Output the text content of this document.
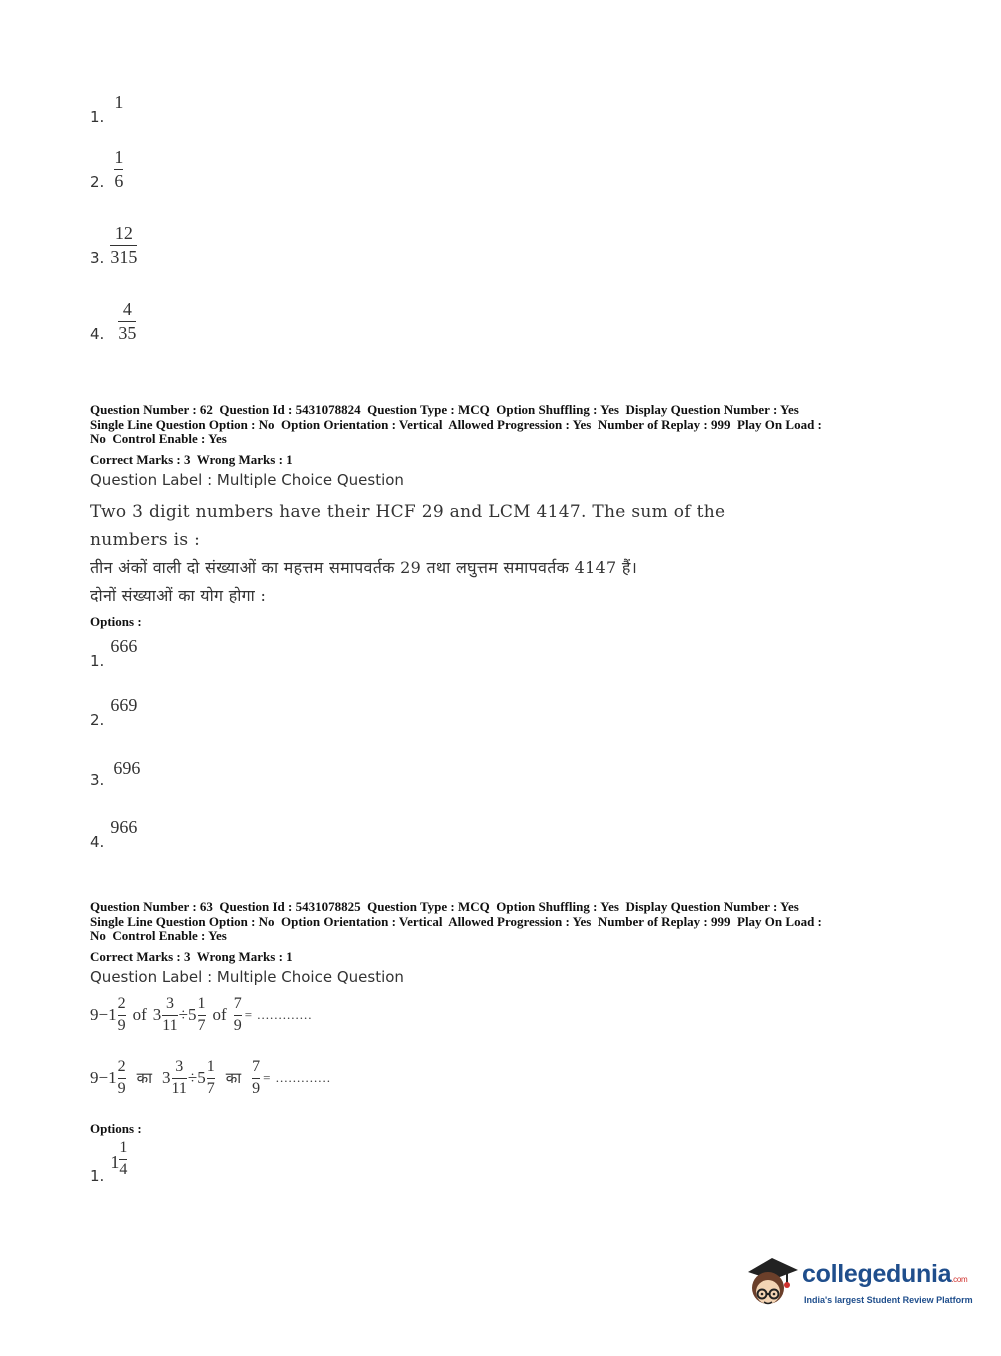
1.
1
2. $\frac{1}{6}$
3. $\frac{12}{315}$
4. $\frac{4}{35}$
Question Number : 62  Question Id : 5431078824  Question Type : MCQ  Option Shuffling : Yes  Display Question Number : Yes
Single Line Question Option : No  Option Orientation : Vertical  Allowed Progression : Yes  Number of Replay : 999  Play On Load :
No  Control Enable : Yes
Correct Marks : 3  Wrong Marks : 1
Question Label : Multiple Choice Question
Two 3 digit numbers have their HCF 29 and LCM 4147. The sum of the
numbers is :
तीन अंकों वाली दो संख्याओं का महत्तम समापवर्तक 29 तथा लघुत्तम समापवर्तक 4147 हैं।
दोनों संख्याओं का योग होगा :
Options :
1.
666
2.
669
3.
696
4.
966
Question Number : 63  Question Id : 5431078825  Question Type : MCQ  Option Shuffling : Yes  Display Question Number : Yes
Single Line Question Option : No  Option Orientation : Vertical  Allowed Progression : Yes  Number of Replay : 999  Play On Load :
No  Control Enable : Yes
Correct Marks : 3  Wrong Marks : 1
Question Label : Multiple Choice Question
$9-1 \frac{2}{9}$ of $3 \frac{3}{11} \div 5 \frac{1}{7}$ of $\frac{7}{9}$ = .............
$9-1 \frac{2}{9}$ का $3 \frac{3}{11} \div 5 \frac{1}{7}$ का $\frac{7}{9}$ = .............
Options :
1.
$1 \frac{1}{4}$
collegedunia.com
India's largest Student Review Platform
